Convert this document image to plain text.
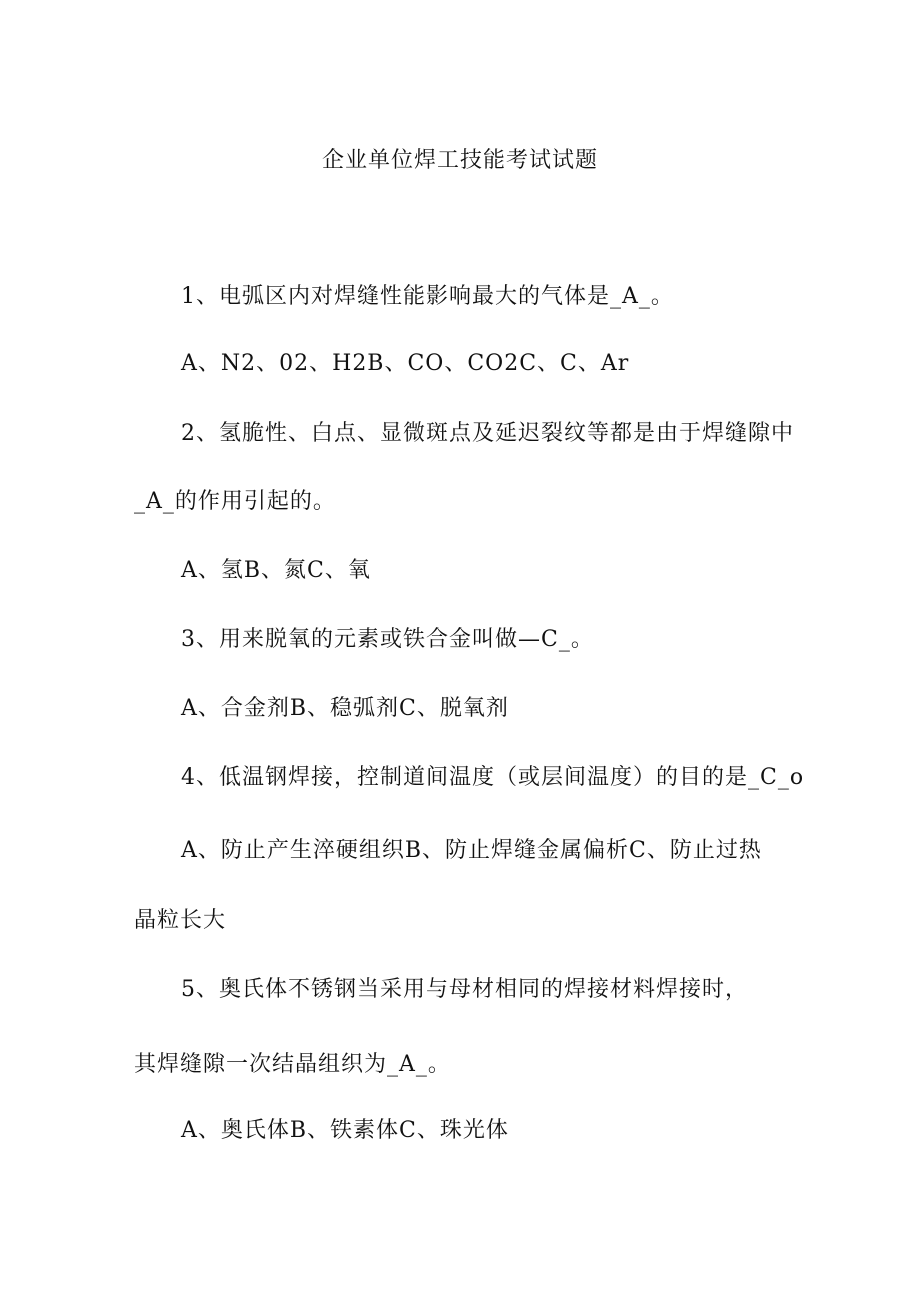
企业单位焊工技能考试试题
1、电弧区内对焊缝性能影响最大的气体是_A_。
A、N2、02、H2B、CO、CO2C、C、Ar
2、氢脆性、白点、显微斑点及延迟裂纹等都是由于焊缝隙中
_A_的作用引起的。
A、氢B、氮C、氧
3、用来脱氧的元素或铁合金叫做—C_。
A、合金剂B、稳弧剂C、脱氧剂
4、低温钢焊接，控制道间温度（或层间温度）的目的是_C_o
A、防止产生淬硬组织B、防止焊缝金属偏析C、防止过热
晶粒长大
5、奥氏体不锈钢当采用与母材相同的焊接材料焊接时，
其焊缝隙一次结晶组织为_A_。
A、奥氏体B、铁素体C、珠光体
